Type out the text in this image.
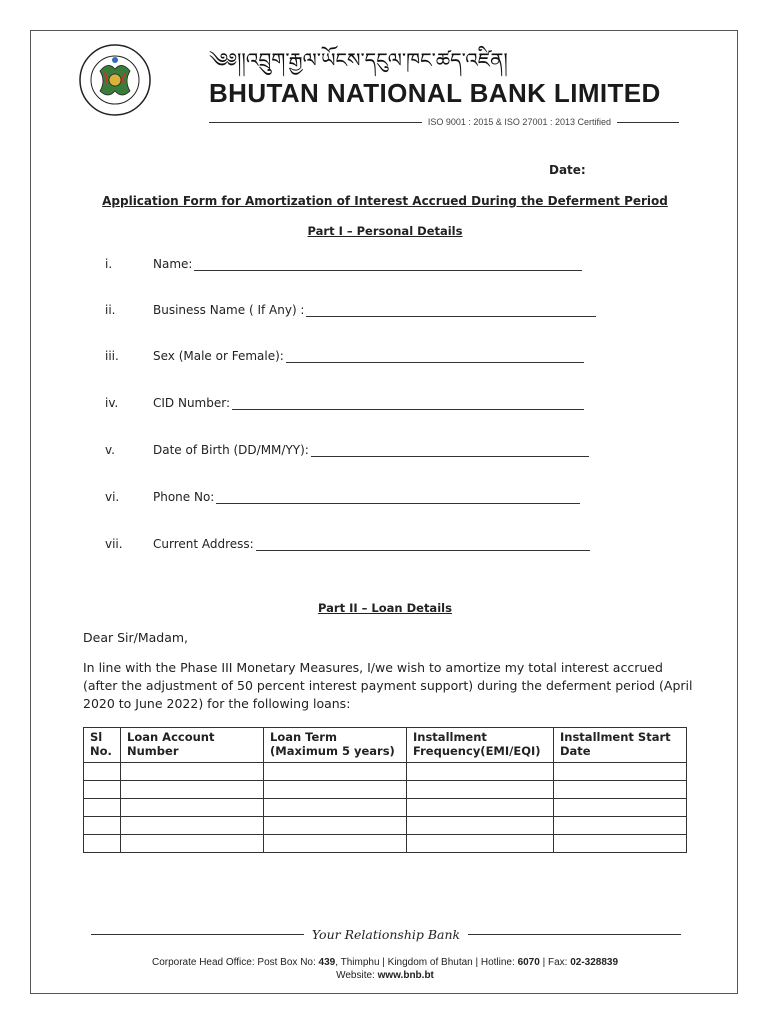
༄༅།།འབྲུག་རྒྱལ་ཡོངས་དངུལ་ཁང་ཚད་འཛིན།
BHUTAN NATIONAL BANK LIMITED
ISO 9001 : 2015 & ISO 27001 : 2013 Certified
Date:
Application Form for Amortization of Interest Accrued During the Deferment Period
Part I – Personal Details
i.	Name:
ii.	Business Name ( If Any) :
iii.	Sex (Male or Female):
iv.	CID Number:
v.	Date of Birth (DD/MM/YY):
vi.	Phone No:
vii.	Current Address:
Part II – Loan Details
Dear Sir/Madam,
In line with the Phase III Monetary Measures, I/we wish to amortize my total interest accrued (after the adjustment of 50 percent interest payment support) during the deferment period (April 2020 to June 2022) for the following loans:
Sl No.	Loan Account Number	Loan Term (Maximum 5 years)	Installment Frequency(EMI/EQI)	Installment Start Date

Your Relationship Bank
Corporate Head Office: Post Box No: 439, Thimphu | Kingdom of Bhutan | Hotline: 6070 | Fax: 02-328839
Website: www.bnb.bt
